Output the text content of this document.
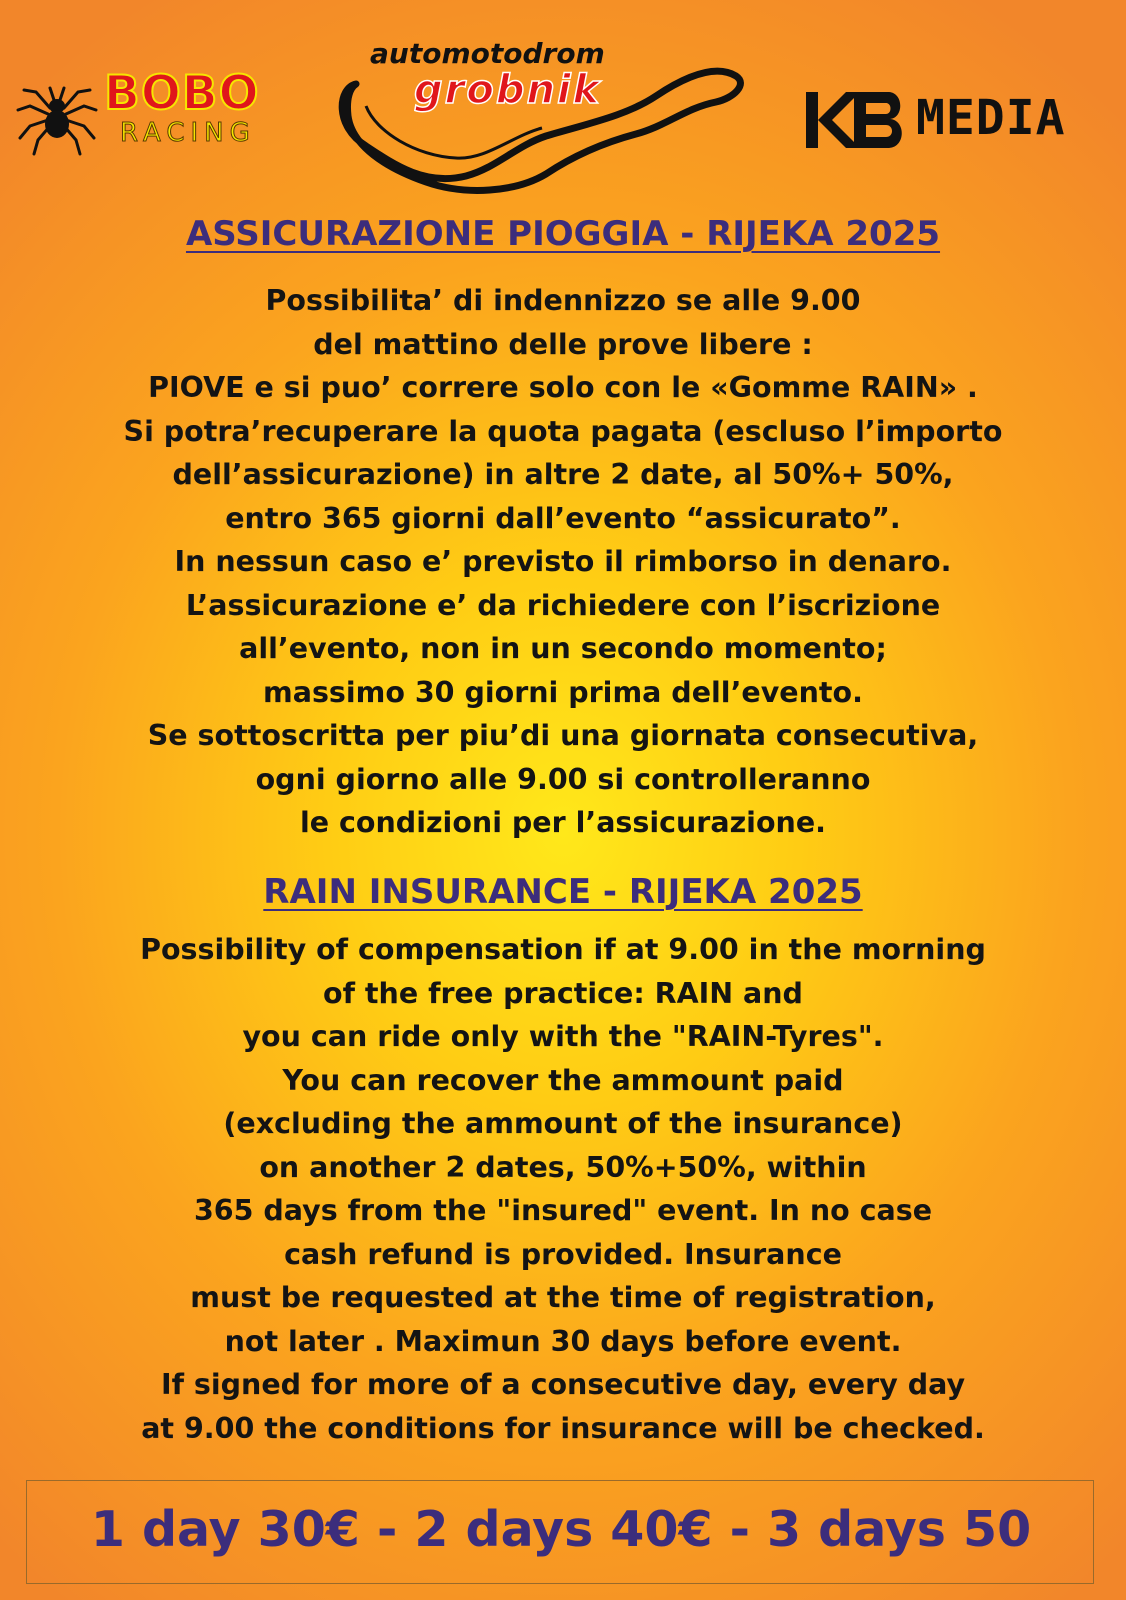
BOBO
RACING
automotodrom
grobnik	MEDIA
ASSICURAZIONE PIOGGIA - RIJEKA 2025
Possibilita’ di indennizzo se alle 9.00
del mattino delle prove libere :
PIOVE e si puo’ correre solo con le «Gomme RAIN» .
Si potra’recuperare la quota pagata (escluso l’importo
dell’assicurazione) in altre 2 date, al 50%+ 50%,
entro 365 giorni dall’evento “assicurato”.
In nessun caso e’ previsto il rimborso in denaro.
L’assicurazione e’ da richiedere con l’iscrizione
all’evento, non in un secondo momento;
massimo 30 giorni prima dell’evento.
Se sottoscritta per piu’di una giornata consecutiva,
ogni giorno alle 9.00 si controlleranno
le condizioni per l’assicurazione.
RAIN INSURANCE - RIJEKA 2025
Possibility of compensation if at 9.00 in the morning
of the free practice: RAIN and
you can ride only with the "RAIN-Tyres".
You can recover the ammount paid
(excluding the ammount of the insurance)
on another 2 dates, 50%+50%, within
365 days from the "insured" event. In no case
cash refund is provided. Insurance
must be requested at the time of registration,
not later . Maximun 30 days before event.
If signed for more of a consecutive day, every day
at 9.00 the conditions for insurance will be checked.
1 day 30€ - 2 days 40€ - 3 days 50
